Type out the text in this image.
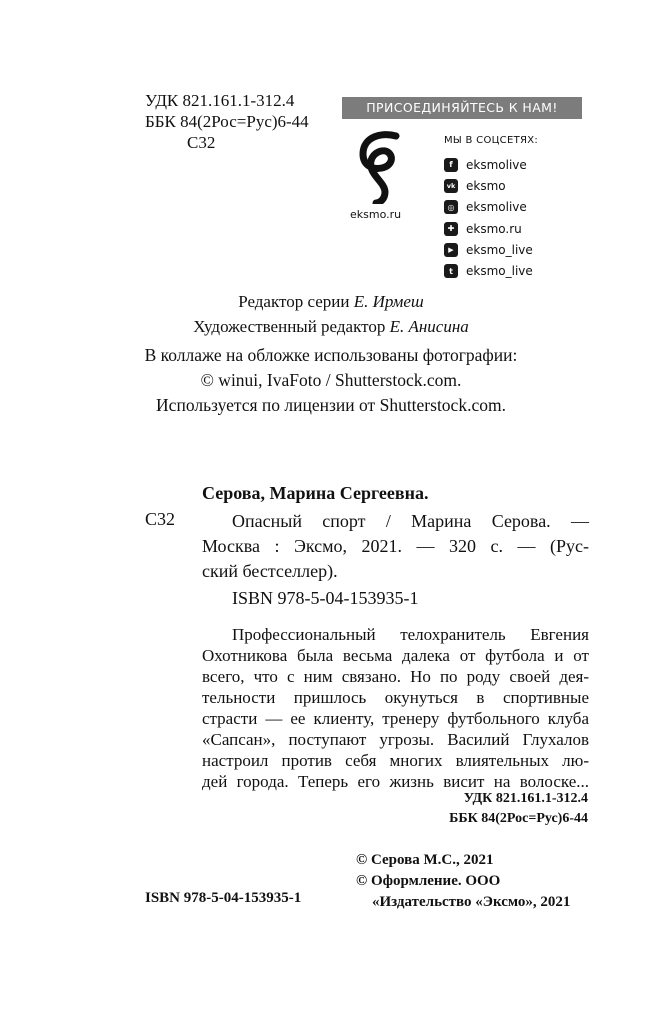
УДК 821.161.1-312.4
ББК 84(2Рос=Рус)6-44
С32
ПРИСОЕДИНЯЙТЕСЬ К НАМ!
eksmo.ru
МЫ В СОЦСЕТЯХ:
f	eksmolive
vk eksmo
◎ eksmolive
✚ eksmo.ru
▶	eksmo_live
t	eksmo_live
Редактор серии Е. Ирмеш
Художественный редактор Е. Анисина
В коллаже на обложке использованы фотографии:
© winui, IvaFoto / Shutterstock.com.
Используется по лицензии от Shutterstock.com.
Серова, Марина Сергеевна.
С32	Опасный спорт / Марина Серова. —
Москва : Эксмо, 2021. — 320 с. — (Рус-
ский бестселлер).
ISBN 978-5-04-153935-1
Профессиональный телохранитель Евгения
Охотникова была весьма далека от футбола и от
всего, что с ним связано. Но по роду своей дея-
тельности пришлось окунуться в спортивные
страсти — ее клиенту, тренеру футбольного клуба
«Сапсан», поступают угрозы. Василий Глухалов
настроил против себя многих влиятельных лю-
дей города. Теперь его жизнь висит на волоске...
УДК 821.161.1-312.4
ББК 84(2Рос=Рус)6-44
© Серова М.С., 2021
© Оформление. ООО
«Издательство «Эксмо», 2021
ISBN 978-5-04-153935-1
